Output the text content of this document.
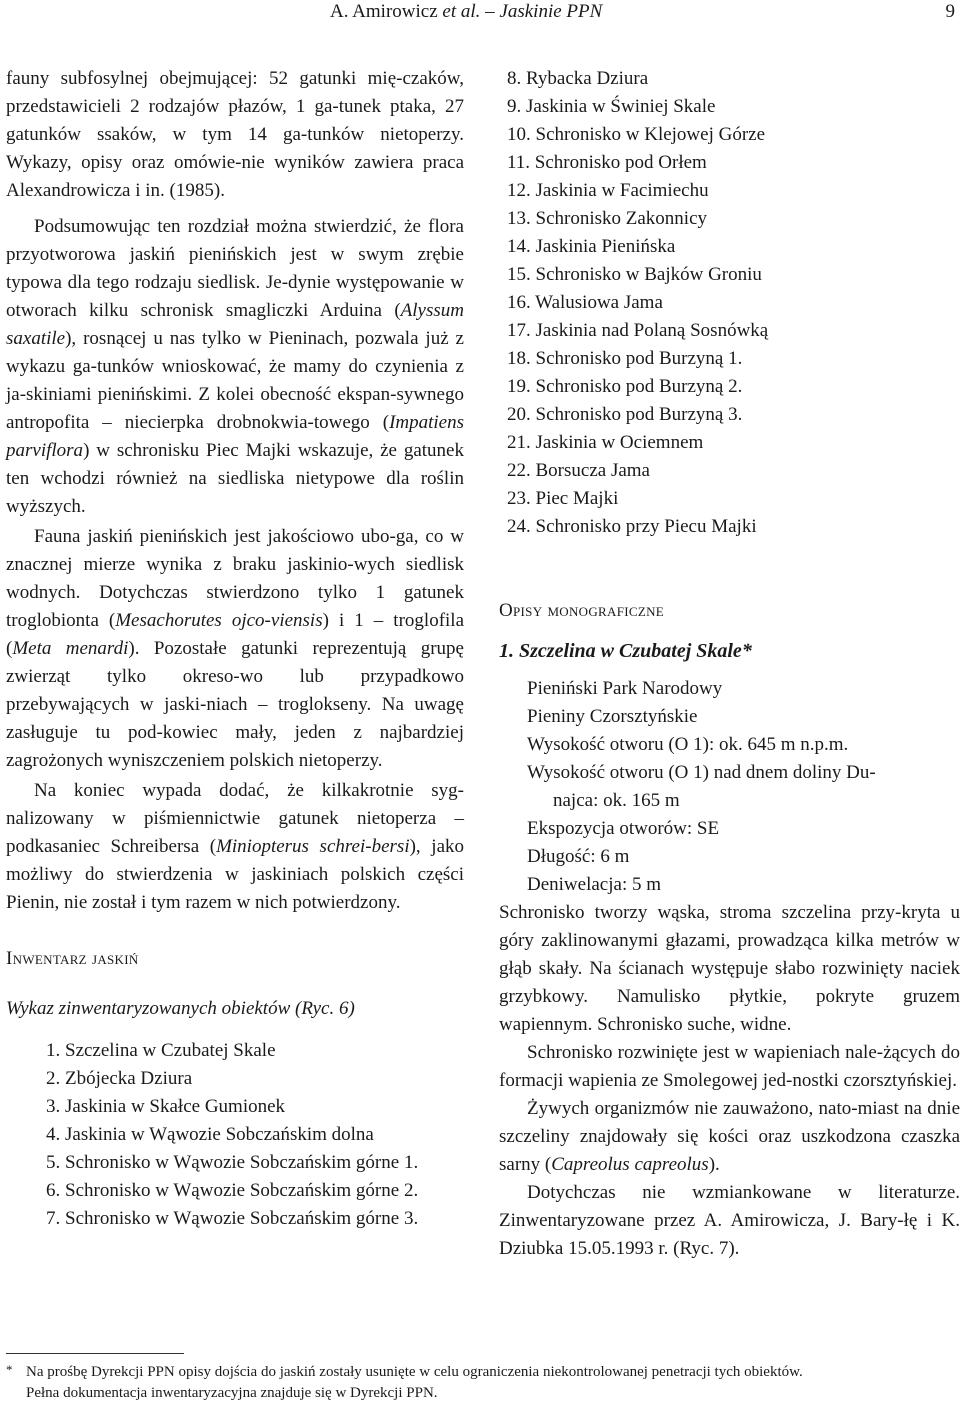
A. Amirowicz et al. – Jaskinie PPN	9

fauny subfosylnej obejmującej: 52 gatunki mię-czaków, przedstawicieli 2 rodzajów płazów, 1 ga-tunek ptaka, 27 gatunków ssaków, w tym 14 ga-tunków nietoperzy. Wykazy, opisy oraz omówie-nie wyników zawiera praca Alexandrowicza i in. (1985).

Podsumowując ten rozdział można stwierdzić, że flora przyotworowa jaskiń pienińskich jest w swym zrębie typowa dla tego rodzaju siedlisk. Je-dynie występowanie w otworach kilku schronisk smagliczki Arduina (Alyssum saxatile), rosnącej u nas tylko w Pieninach, pozwala już z wykazu ga-tunków wnioskować, że mamy do czynienia z ja-skiniami pienińskimi. Z kolei obecność ekspan-sywnego antropofita – niecierpka drobnokwia-towego (Impatiens parviflora) w schronisku Piec Majki wskazuje, że gatunek ten wchodzi również na siedliska nietypowe dla roślin wyższych.

Fauna jaskiń pienińskich jest jakościowo ubo-ga, co w znacznej mierze wynika z braku jaskinio-wych siedlisk wodnych. Dotychczas stwierdzono tylko 1 gatunek troglobionta (Mesachorutes ojco-viensis) i 1 – troglofila (Meta menardi). Pozostałe gatunki reprezentują grupę zwierząt tylko okreso-wo lub przypadkowo przebywających w jaski-niach – troglokseny. Na uwagę zasługuje tu pod-kowiec mały, jeden z najbardziej zagrożonych wyniszczeniem polskich nietoperzy.

Na koniec wypada dodać, że kilkakrotnie syg-nalizowany w piśmiennictwie gatunek nietoperza – podkasaniec Schreibersa (Miniopterus schrei-bersi), jako możliwy do stwierdzenia w jaskiniach polskich części Pienin, nie został i tym razem w nich potwierdzony.

Inwentarz jaskiń
Wykaz zinwentaryzowanych obiektów (Ryc. 6)
1. Szczelina w Czubatej Skale
2. Zbójecka Dziura
3. Jaskinia w Skałce Gumionek
4. Jaskinia w Wąwozie Sobczańskim dolna
5. Schronisko w Wąwozie Sobczańskim górne 1.
6. Schronisko w Wąwozie Sobczańskim górne 2.
7. Schronisko w Wąwozie Sobczańskim górne 3.
8. Rybacka Dziura
9. Jaskinia w Świniej Skale
10. Schronisko w Klejowej Górze
11. Schronisko pod Orłem
12. Jaskinia w Facimiechu
13. Schronisko Zakonnicy
14. Jaskinia Pienińska
15. Schronisko w Bajków Groniu
16. Walusiowa Jama
17. Jaskinia nad Polaną Sosnówką
18. Schronisko pod Burzyną 1.
19. Schronisko pod Burzyną 2.
20. Schronisko pod Burzyną 3.
21. Jaskinia w Ociemnem
22. Borsucza Jama
23. Piec Majki
24. Schronisko przy Piecu Majki
Opisy monograficzne
1. Szczelina w Czubatej Skale*
Pieniński Park Narodowy
Pieniny Czorsztyńskie
Wysokość otworu (O 1): ok. 645 m n.p.m.
Wysokość otworu (O 1) nad dnem doliny Du-
najca: ok. 165 m
Ekspozycja otworów: SE
Długość: 6 m
Deniwelacja: 5 m

Schronisko tworzy wąska, stroma szczelina przy-kryta u góry zaklinowanymi głazami, prowadząca kilka metrów w głąb skały. Na ścianach występuje słabo rozwinięty naciek grzybkowy. Namulisko płytkie, pokryte gruzem wapiennym. Schronisko suche, widne.

Schronisko rozwinięte jest w wapieniach nale-żących do formacji wapienia ze Smolegowej jed-nostki czorsztyńskiej.

Żywych organizmów nie zauważono, nato-miast na dnie szczeliny znajdowały się kości oraz uszkodzona czaszka sarny (Capreolus capreolus).

Dotychczas nie wzmiankowane w literaturze. Zinwentaryzowane przez A. Amirowicza, J. Bary-łę i K. Dziubka 15.05.1993 r. (Ryc. 7).

* Na prośbę Dyrekcji PPN opisy dojścia do jaskiń zostały usunięte w celu ograniczenia niekontrolowanej penetracji tych obiektów.
Pełna dokumentacja inwentaryzacyjna znajduje się w Dyrekcji PPN.
